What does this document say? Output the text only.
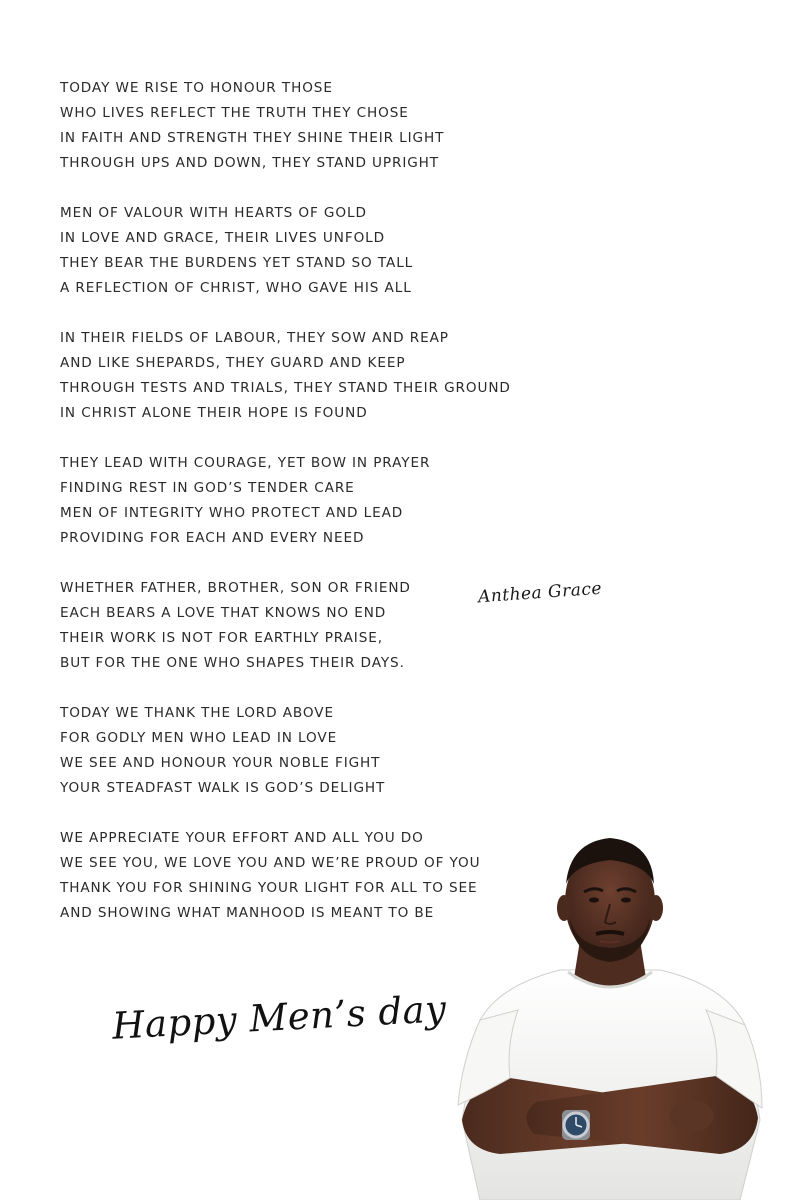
TODAY WE RISE TO HONOUR THOSE
WHO LIVES REFLECT THE TRUTH THEY CHOSE
IN FAITH AND STRENGTH THEY SHINE THEIR LIGHT
THROUGH UPS AND DOWN, THEY STAND UPRIGHT
MEN OF VALOUR WITH HEARTS OF GOLD
IN LOVE AND GRACE, THEIR LIVES UNFOLD
THEY BEAR THE BURDENS YET STAND SO TALL
A REFLECTION OF CHRIST, WHO GAVE HIS ALL
IN THEIR FIELDS OF LABOUR, THEY SOW AND REAP
AND LIKE SHEPARDS, THEY GUARD AND KEEP
THROUGH TESTS AND TRIALS, THEY STAND THEIR GROUND
IN CHRIST ALONE THEIR HOPE IS FOUND
THEY LEAD WITH COURAGE, YET BOW IN PRAYER
FINDING REST IN GOD’S TENDER CARE
MEN OF INTEGRITY WHO PROTECT AND LEAD
PROVIDING FOR EACH AND EVERY NEED
WHETHER FATHER, BROTHER, SON OR FRIEND
EACH BEARS A LOVE THAT KNOWS NO END
THEIR WORK IS NOT FOR EARTHLY PRAISE,
BUT FOR THE ONE WHO SHAPES THEIR DAYS.
TODAY WE THANK THE LORD ABOVE
FOR GODLY MEN WHO LEAD IN LOVE
WE SEE AND HONOUR YOUR NOBLE FIGHT
YOUR STEADFAST WALK IS GOD’S DELIGHT
WE APPRECIATE YOUR EFFORT AND ALL YOU DO
WE SEE YOU, WE LOVE YOU AND WE’RE PROUD OF YOU
THANK YOU FOR SHINING YOUR LIGHT FOR ALL TO SEE
AND SHOWING WHAT MANHOOD IS MEANT TO BE
Anthea Grace
Happy Men’s day
